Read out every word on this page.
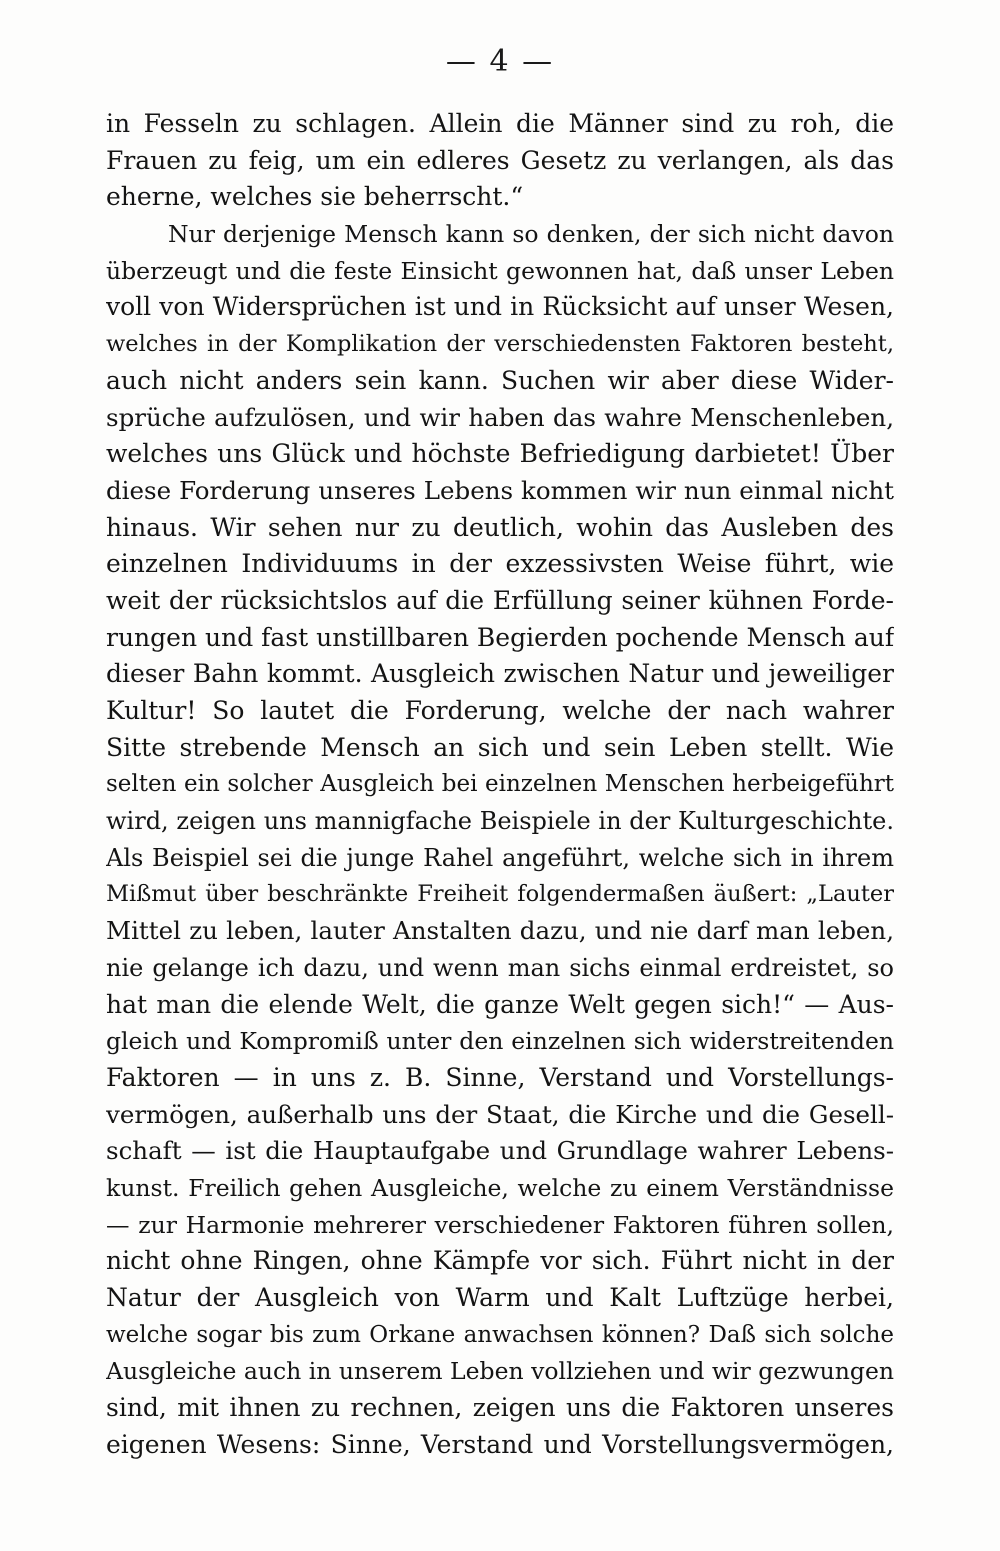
— 4 —
in Fesseln zu schlagen. Allein die Männer sind zu roh, die
Frauen zu feig, um ein edleres Gesetz zu verlangen, als das
eherne, welches sie beherrscht.“
Nur derjenige Mensch kann so denken, der sich nicht davon
überzeugt und die feste Einsicht gewonnen hat, daß unser Leben
voll von Widersprüchen ist und in Rücksicht auf unser Wesen,
welches in der Komplikation der verschiedensten Faktoren besteht,
auch nicht anders sein kann. Suchen wir aber diese Wider-
sprüche aufzulösen, und wir haben das wahre Menschenleben,
welches uns Glück und höchste Befriedigung darbietet! Über
diese Forderung unseres Lebens kommen wir nun einmal nicht
hinaus. Wir sehen nur zu deutlich, wohin das Ausleben des
einzelnen Individuums in der exzessivsten Weise führt, wie
weit der rücksichtslos auf die Erfüllung seiner kühnen Forde-
rungen und fast unstillbaren Begierden pochende Mensch auf
dieser Bahn kommt. Ausgleich zwischen Natur und jeweiliger
Kultur! So lautet die Forderung, welche der nach wahrer
Sitte strebende Mensch an sich und sein Leben stellt. Wie
selten ein solcher Ausgleich bei einzelnen Menschen herbeigeführt
wird, zeigen uns mannigfache Beispiele in der Kulturgeschichte.
Als Beispiel sei die junge Rahel angeführt, welche sich in ihrem
Mißmut über beschränkte Freiheit folgendermaßen äußert: „Lauter
Mittel zu leben, lauter Anstalten dazu, und nie darf man leben,
nie gelange ich dazu, und wenn man sichs einmal erdreistet, so
hat man die elende Welt, die ganze Welt gegen sich!“ — Aus-
gleich und Kompromiß unter den einzelnen sich widerstreitenden
Faktoren — in uns z. B. Sinne, Verstand und Vorstellungs-
vermögen, außerhalb uns der Staat, die Kirche und die Gesell-
schaft — ist die Hauptaufgabe und Grundlage wahrer Lebens-
kunst. Freilich gehen Ausgleiche, welche zu einem Verständnisse
— zur Harmonie mehrerer verschiedener Faktoren führen sollen,
nicht ohne Ringen, ohne Kämpfe vor sich. Führt nicht in der
Natur der Ausgleich von Warm und Kalt Luftzüge herbei,
welche sogar bis zum Orkane anwachsen können? Daß sich solche
Ausgleiche auch in unserem Leben vollziehen und wir gezwungen
sind, mit ihnen zu rechnen, zeigen uns die Faktoren unseres
eigenen Wesens: Sinne, Verstand und Vorstellungsvermögen,
